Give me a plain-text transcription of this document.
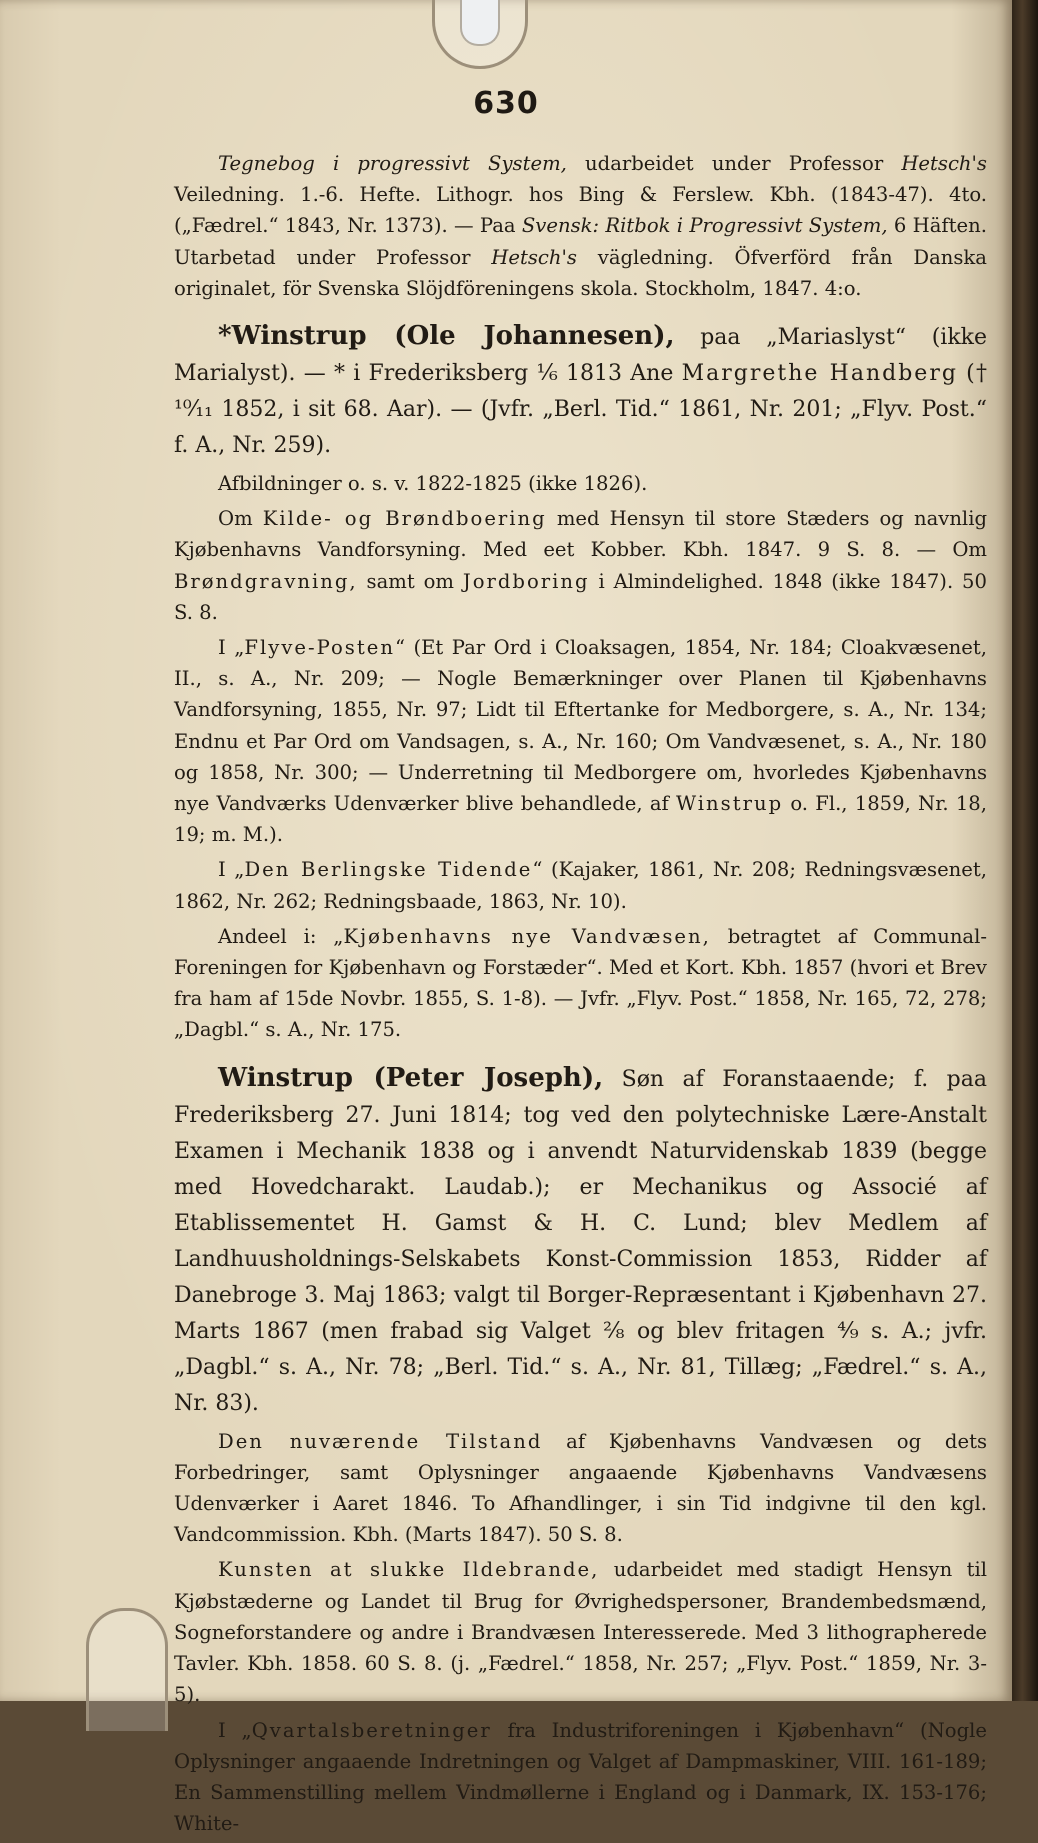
630

Tegnebog i progressivt System, udarbeidet under Professor Hetsch's Veiledning. 1.-6. Hefte. Lithogr. hos Bing & Ferslew. Kbh. (1843-47). 4to. („Fædrel.“ 1843, Nr. 1373). — Paa Svensk: Ritbok i Progressivt System, 6 Häften. Utarbetad under Professor Hetsch's vägledning. Öfverförd från Danska originalet, för Svenska Slöjdföreningens skola. Stockholm, 1847. 4:o.

*Winstrup (Ole Johannesen), paa „Mariaslyst“ (ikke Marialyst). — * i Frederiksberg ¹⁄₆ 1813 Ane Margrethe Handberg († ¹⁰⁄₁₁ 1852, i sit 68. Aar). — (Jvfr. „Berl. Tid.“ 1861, Nr. 201; „Flyv. Post.“ f. A., Nr. 259).

Afbildninger o. s. v. 1822-1825 (ikke 1826).

Om Kilde- og Brøndboering med Hensyn til store Stæders og navnlig Kjøbenhavns Vandforsyning. Med eet Kobber. Kbh. 1847. 9 S. 8. — Om Brøndgravning, samt om Jordboring i Almindelighed. 1848 (ikke 1847). 50 S. 8.

I „Flyve-Posten“ (Et Par Ord i Cloaksagen, 1854, Nr. 184; Cloakvæsenet, II., s. A., Nr. 209; — Nogle Bemærkninger over Planen til Kjøbenhavns Vandforsyning, 1855, Nr. 97; Lidt til Eftertanke for Medborgere, s. A., Nr. 134; Endnu et Par Ord om Vandsagen, s. A., Nr. 160; Om Vandvæsenet, s. A., Nr. 180 og 1858, Nr. 300; — Underretning til Medborgere om, hvorledes Kjøbenhavns nye Vandværks Udenværker blive behandlede, af Winstrup o. Fl., 1859, Nr. 18, 19; m. M.).

I „Den Berlingske Tidende“ (Kajaker, 1861, Nr. 208; Redningsvæsenet, 1862, Nr. 262; Redningsbaade, 1863, Nr. 10).

Andeel i: „Kjøbenhavns nye Vandvæsen, betragtet af Communal-Foreningen for Kjøbenhavn og Forstæder“. Med et Kort. Kbh. 1857 (hvori et Brev fra ham af 15de Novbr. 1855, S. 1-8). — Jvfr. „Flyv. Post.“ 1858, Nr. 165, 72, 278; „Dagbl.“ s. A., Nr. 175.

Winstrup (Peter Joseph), Søn af Foranstaaende; f. paa Frederiksberg 27. Juni 1814; tog ved den polytechniske Lære-Anstalt Examen i Mechanik 1838 og i anvendt Naturvidenskab 1839 (begge med Hovedcharakt. Laudab.); er Mechanikus og Associé af Etablissementet H. Gamst & H. C. Lund; blev Medlem af Landhuusholdnings-Selskabets Konst-Commission 1853, Ridder af Danebroge 3. Maj 1863; valgt til Borger-Repræsentant i Kjøbenhavn 27. Marts 1867 (men frabad sig Valget ²⁄₈ og blev fritagen ⁴⁄₉ s. A.; jvfr. „Dagbl.“ s. A., Nr. 78; „Berl. Tid.“ s. A., Nr. 81, Tillæg; „Fædrel.“ s. A., Nr. 83).

Den nuværende Tilstand af Kjøbenhavns Vandvæsen og dets Forbedringer, samt Oplysninger angaaende Kjøbenhavns Vandvæsens Udenværker i Aaret 1846. To Afhandlinger, i sin Tid indgivne til den kgl. Vandcommission. Kbh. (Marts 1847). 50 S. 8.

Kunsten at slukke Ildebrande, udarbeidet med stadigt Hensyn til Kjøbstæderne og Landet til Brug for Øvrighedspersoner, Brandembedsmænd, Sogneforstandere og andre i Brandvæsen Interesserede. Med 3 lithographerede Tavler. Kbh. 1858. 60 S. 8. (j. „Fædrel.“ 1858, Nr. 257; „Flyv. Post.“ 1859, Nr. 3-5).

I „Qvartalsberetninger fra Industriforeningen i Kjøbenhavn“ (Nogle Oplysninger angaaende Indretningen og Valget af Dampmaskiner, VIII. 161-189; En Sammenstilling mellem Vindmøllerne i England og i Danmark, IX. 153-176; White-
